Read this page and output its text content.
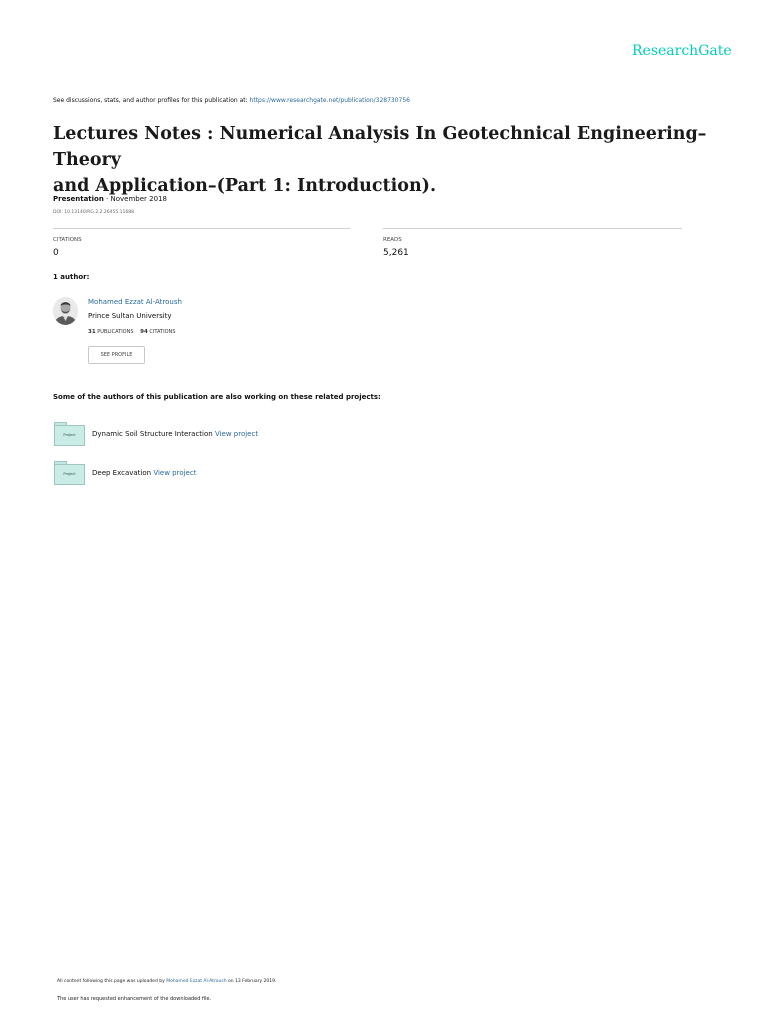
ResearchGate
See discussions, stats, and author profiles for this publication at: https://www.researchgate.net/publication/328730756
Lectures Notes : Numerical Analysis In Geotechnical Engineering–Theory
and Application–(Part 1: Introduction).
Presentation · November 2018
DOI: 10.13140/RG.2.2.26455.11688
CITATIONS
0
READS
5,261
1 author:
Mohamed Ezzat Al-Atroush
Prince Sultan University
31 PUBLICATIONS 94 CITATIONS
SEE PROFILE
Some of the authors of this publication are also working on these related projects:
Project	Dynamic Soil Structure Interaction View project
Project	Deep Excavation View project
All content following this page was uploaded by Mohamed Ezzat Al-Atroush on 13 February 2019.
The user has requested enhancement of the downloaded file.
